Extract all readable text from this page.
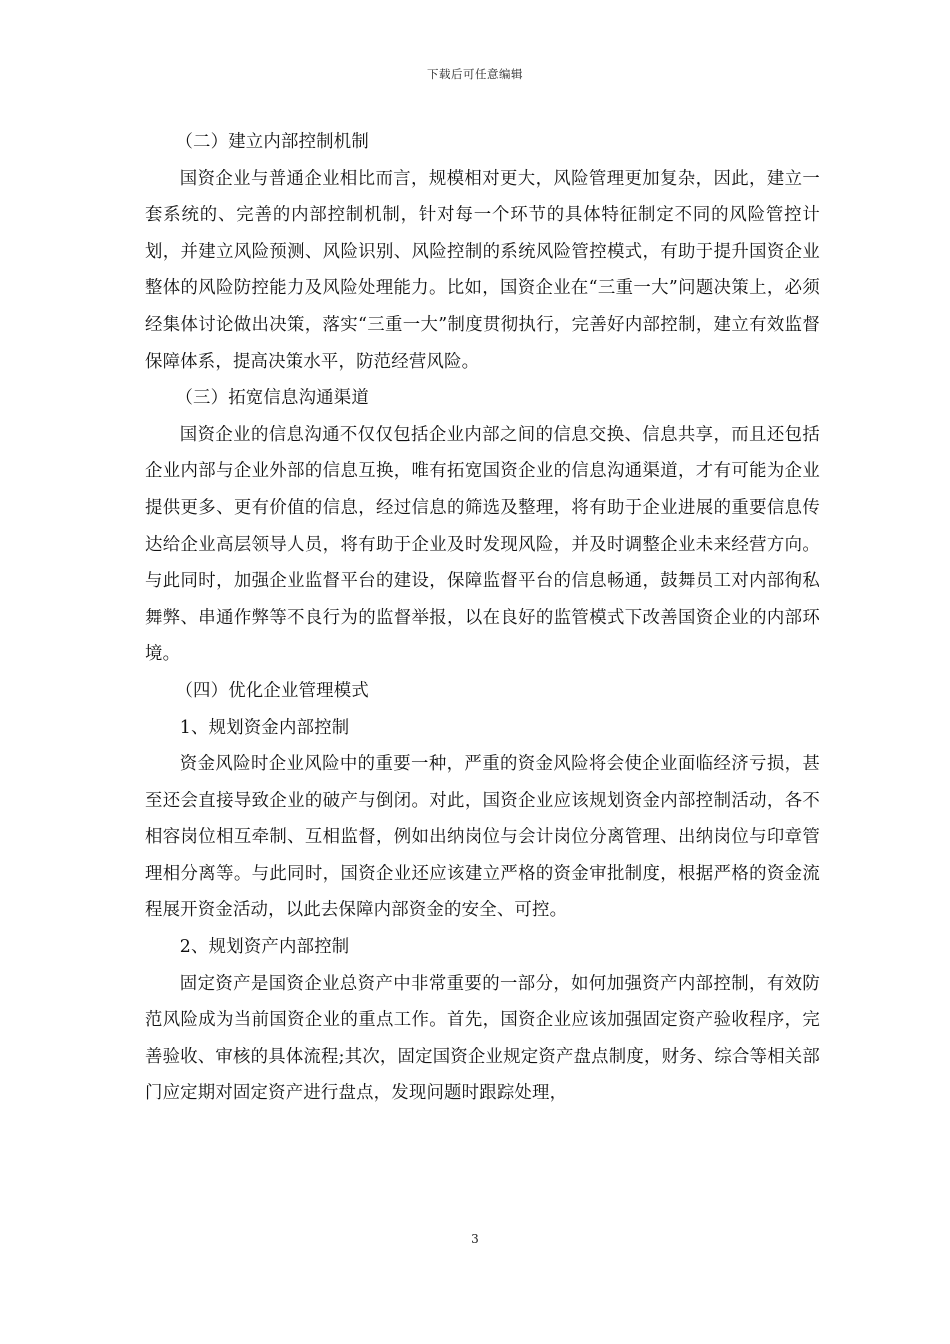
下载后可任意编辑

（二）建立内部控制机制

国资企业与普通企业相比而言，规模相对更大，风险管理更加复杂，因此，建立一套系统的、完善的内部控制机制，针对每一个环节的具体特征制定不同的风险管控计划，并建立风险预测、风险识别、风险控制的系统风险管控模式，有助于提升国资企业整体的风险防控能力及风险处理能力。比如，国资企业在“三重一大”问题决策上，必须经集体讨论做出决策，落实“三重一大”制度贯彻执行，完善好内部控制，建立有效监督保障体系，提高决策水平，防范经营风险。

（三）拓宽信息沟通渠道

国资企业的信息沟通不仅仅包括企业内部之间的信息交换、信息共享，而且还包括企业内部与企业外部的信息互换，唯有拓宽国资企业的信息沟通渠道，才有可能为企业提供更多、更有价值的信息，经过信息的筛选及整理，将有助于企业进展的重要信息传达给企业高层领导人员，将有助于企业及时发现风险，并及时调整企业未来经营方向。与此同时，加强企业监督平台的建设，保障监督平台的信息畅通，鼓舞员工对内部徇私舞弊、串通作弊等不良行为的监督举报，以在良好的监管模式下改善国资企业的内部环境。

（四）优化企业管理模式

1、规划资金内部控制

资金风险时企业风险中的重要一种，严重的资金风险将会使企业面临经济亏损，甚至还会直接导致企业的破产与倒闭。对此，国资企业应该规划资金内部控制活动，各不相容岗位相互牵制、互相监督，例如出纳岗位与会计岗位分离管理、出纳岗位与印章管理相分离等。与此同时，国资企业还应该建立严格的资金审批制度，根据严格的资金流程展开资金活动，以此去保障内部资金的安全、可控。

2、规划资产内部控制

固定资产是国资企业总资产中非常重要的一部分，如何加强资产内部控制，有效防范风险成为当前国资企业的重点工作。首先，国资企业应该加强固定资产验收程序，完善验收、审核的具体流程;其次，固定国资企业规定资产盘点制度，财务、综合等相关部门应定期对固定资产进行盘点，发现问题时跟踪处理，

3
